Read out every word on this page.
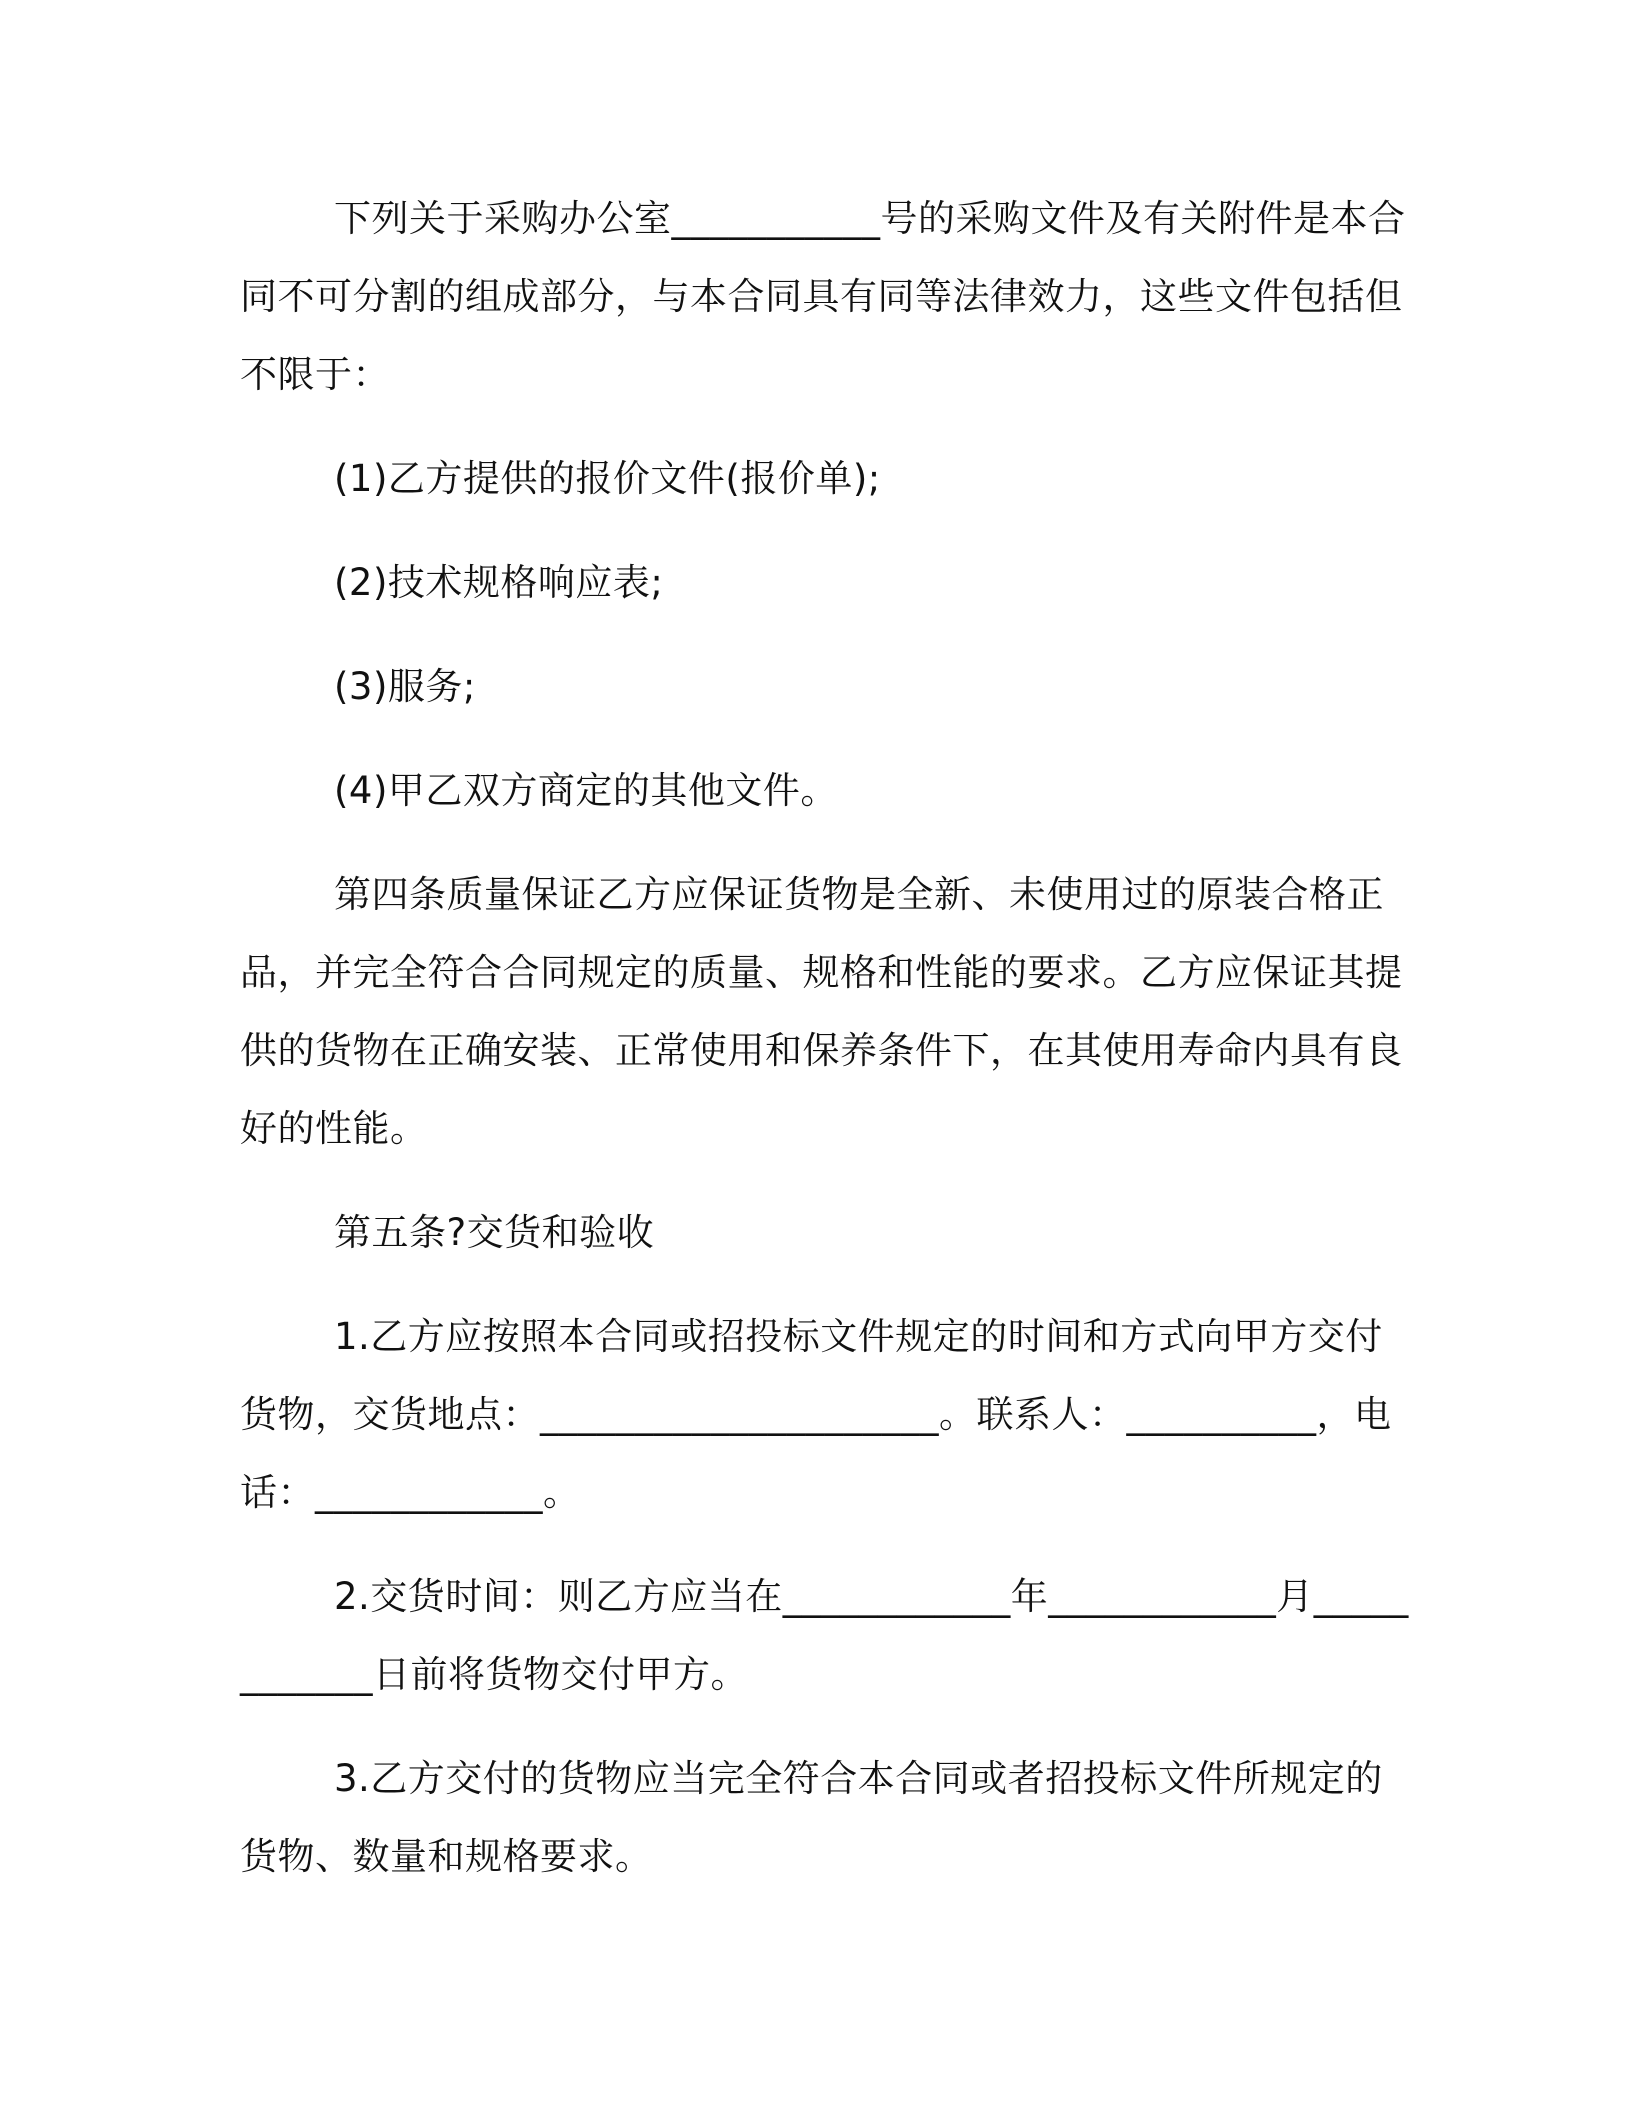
下列关于采购办公室___________号的采购文件及有关附件是本合同不可分割的组成部分，与本合同具有同等法律效力，这些文件包括但不限于：

(1)乙方提供的报价文件(报价单);

(2)技术规格响应表;

(3)服务;

(4)甲乙双方商定的其他文件。

第四条质量保证乙方应保证货物是全新、未使用过的原装合格正品，并完全符合合同规定的质量、规格和性能的要求。乙方应保证其提供的货物在正确安装、正常使用和保养条件下，在其使用寿命内具有良好的性能。

第五条?交货和验收

1.乙方应按照本合同或招投标文件规定的时间和方式向甲方交付货物，交货地点：_____________________。联系人：__________，电话：____________。

2.交货时间：则乙方应当在____________年____________月____________日前将货物交付甲方。

3.乙方交付的货物应当完全符合本合同或者招投标文件所规定的货物、数量和规格要求。
